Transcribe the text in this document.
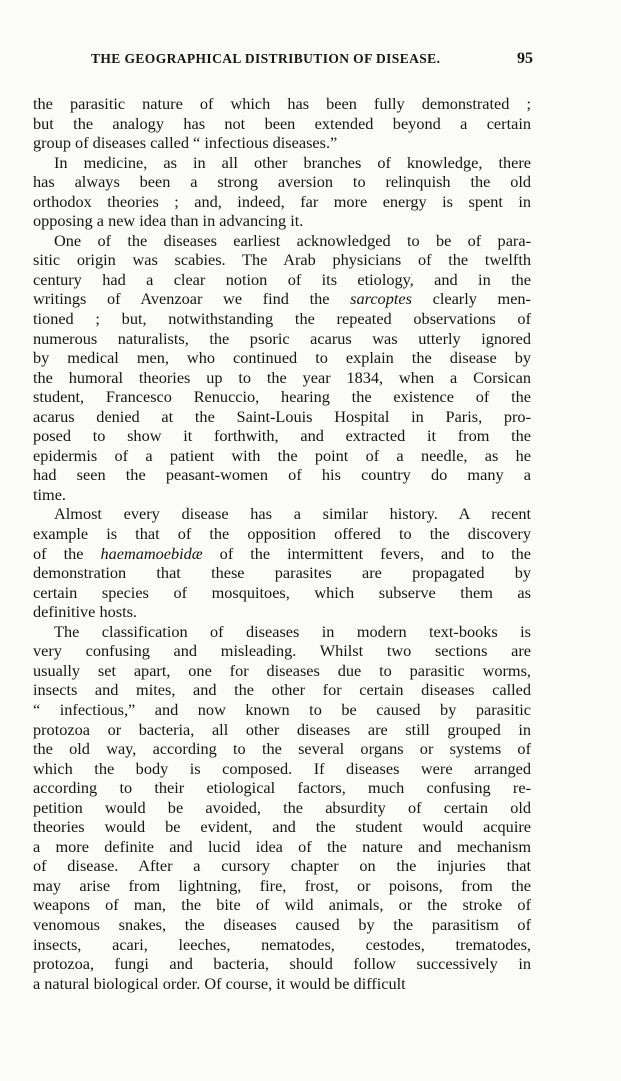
THE GEOGRAPHICAL DISTRIBUTION OF DISEASE.	95
the parasitic nature of which has been fully demonstrated ;
but the analogy has not been extended beyond a certain
group of diseases called “ infectious diseases.”
In medicine, as in all other branches of knowledge, there
has always been a strong aversion to relinquish the old
orthodox theories ; and, indeed, far more energy is spent in
opposing a new idea than in advancing it.
One of the diseases earliest acknowledged to be of para-
sitic origin was scabies. The Arab physicians of the twelfth
century had a clear notion of its etiology, and in the
writings of Avenzoar we find the sarcoptes clearly men-
tioned ; but, notwithstanding the repeated observations of
numerous naturalists, the psoric acarus was utterly ignored
by medical men, who continued to explain the disease by
the humoral theories up to the year 1834, when a Corsican
student, Francesco Renuccio, hearing the existence of the
acarus denied at the Saint-Louis Hospital in Paris, pro-
posed to show it forthwith, and extracted it from the
epidermis of a patient with the point of a needle, as he
had seen the peasant-women of his country do many a
time.
Almost every disease has a similar history. A recent
example is that of the opposition offered to the discovery
of the haemamoebidæ of the intermittent fevers, and to the
demonstration that these parasites are propagated by
certain species of mosquitoes, which subserve them as
definitive hosts.
The classification of diseases in modern text-books is
very confusing and misleading. Whilst two sections are
usually set apart, one for diseases due to parasitic worms,
insects and mites, and the other for certain diseases called
“ infectious,” and now known to be caused by parasitic
protozoa or bacteria, all other diseases are still grouped in
the old way, according to the several organs or systems of
which the body is composed. If diseases were arranged
according to their etiological factors, much confusing re-
petition would be avoided, the absurdity of certain old
theories would be evident, and the student would acquire
a more definite and lucid idea of the nature and mechanism
of disease. After a cursory chapter on the injuries that
may arise from lightning, fire, frost, or poisons, from the
weapons of man, the bite of wild animals, or the stroke of
venomous snakes, the diseases caused by the parasitism of
insects, acari, leeches, nematodes, cestodes, trematodes,
protozoa, fungi and bacteria, should follow successively in
a natural biological order. Of course, it would be difficult
